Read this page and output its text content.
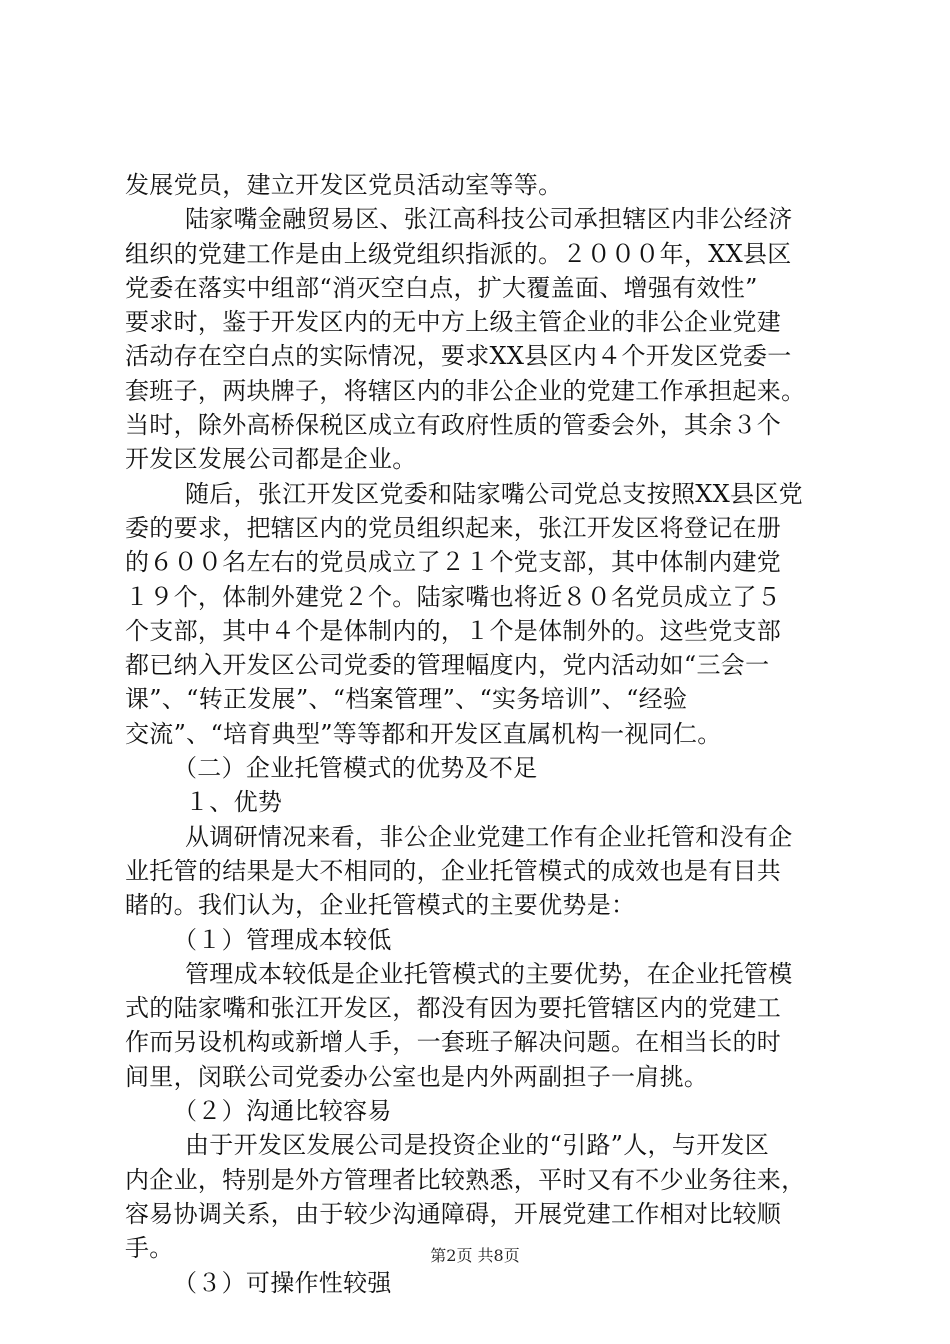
发展党员，建立开发区党员活动室等等。
陆家嘴金融贸易区、张江高科技公司承担辖区内非公经济
组织的党建工作是由上级党组织指派的。２０００年，XX县区
党委在落实中组部“消灭空白点，扩大覆盖面、增强有效性”
要求时，鉴于开发区内的无中方上级主管企业的非公企业党建
活动存在空白点的实际情况，要求XX县区内４个开发区党委一
套班子，两块牌子，将辖区内的非公企业的党建工作承担起来。
当时，除外高桥保税区成立有政府性质的管委会外，其余３个
开发区发展公司都是企业。
随后，张江开发区党委和陆家嘴公司党总支按照XX县区党
委的要求，把辖区内的党员组织起来，张江开发区将登记在册
的６００名左右的党员成立了２１个党支部，其中体制内建党
１９个，体制外建党２个。陆家嘴也将近８０名党员成立了５
个支部，其中４个是体制内的，１个是体制外的。这些党支部
都已纳入开发区公司党委的管理幅度内，党内活动如“三会一
课”、“转正发展”、“档案管理”、“实务培训”、“经验
交流”、“培育典型”等等都和开发区直属机构一视同仁。
（二）企业托管模式的优势及不足
１、优势
从调研情况来看，非公企业党建工作有企业托管和没有企
业托管的结果是大不相同的，企业托管模式的成效也是有目共
睹的。我们认为，企业托管模式的主要优势是：
（１）管理成本较低
管理成本较低是企业托管模式的主要优势，在企业托管模
式的陆家嘴和张江开发区，都没有因为要托管辖区内的党建工
作而另设机构或新增人手，一套班子解决问题。在相当长的时
间里，闵联公司党委办公室也是内外两副担子一肩挑。
（２）沟通比较容易
由于开发区发展公司是投资企业的“引路”人，与开发区
内企业，特别是外方管理者比较熟悉，平时又有不少业务往来，
容易协调关系，由于较少沟通障碍，开展党建工作相对比较顺
手。
（３）可操作性较强
第2页 共8页
